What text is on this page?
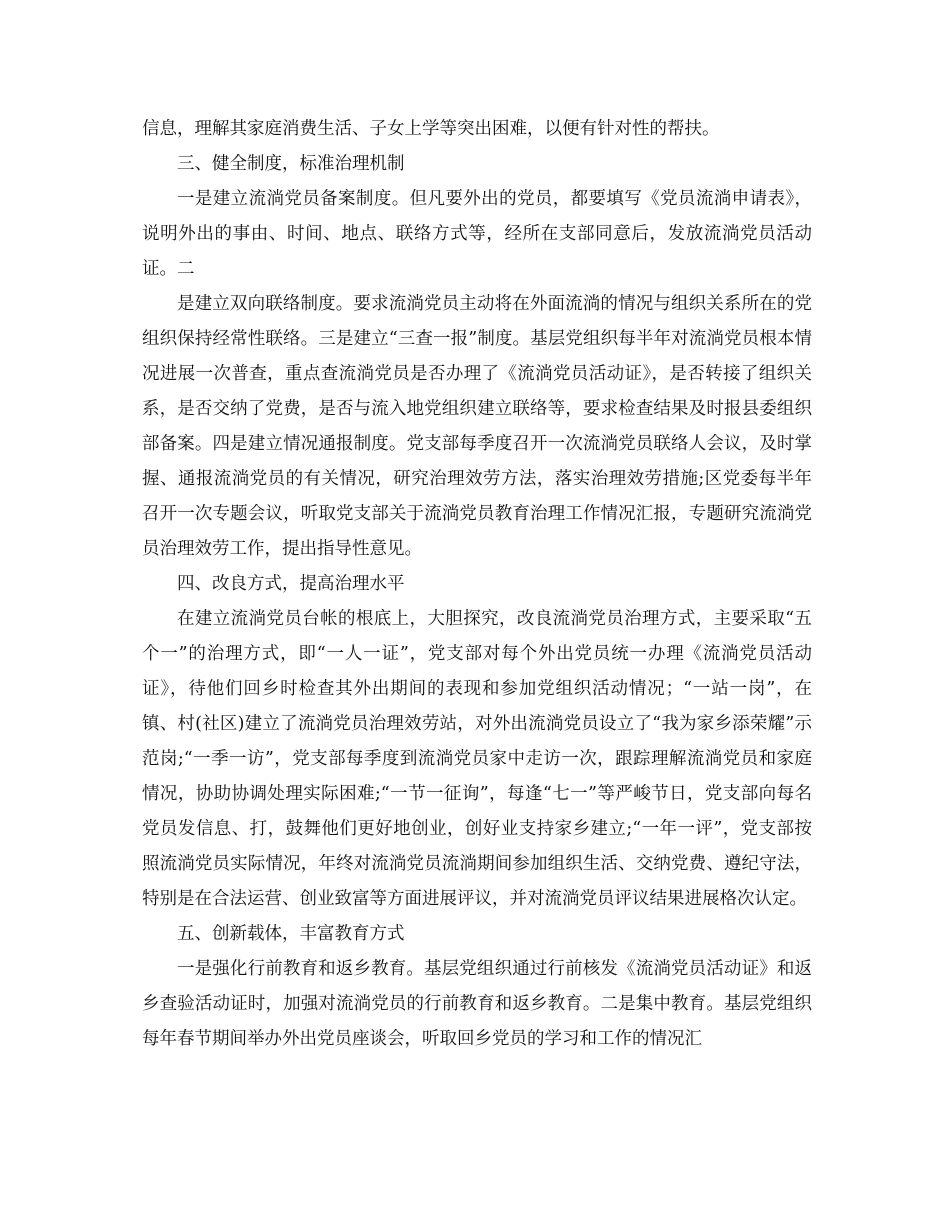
信息，理解其家庭消费生活、子女上学等突出困难，以便有针对性的帮扶。

三、健全制度，标准治理机制

一是建立流淌党员备案制度。但凡要外出的党员，都要填写《党员流淌申请表》，说明外出的事由、时间、地点、联络方式等，经所在支部同意后，发放流淌党员活动证。二

是建立双向联络制度。要求流淌党员主动将在外面流淌的情况与组织关系所在的党组织保持经常性联络。三是建立“三查一报”制度。基层党组织每半年对流淌党员根本情况进展一次普查，重点查流淌党员是否办理了《流淌党员活动证》，是否转接了组织关系，是否交纳了党费，是否与流入地党组织建立联络等，要求检查结果及时报县委组织部备案。四是建立情况通报制度。党支部每季度召开一次流淌党员联络人会议，及时掌握、通报流淌党员的有关情况，研究治理效劳方法，落实治理效劳措施;区党委每半年召开一次专题会议，听取党支部关于流淌党员教育治理工作情况汇报，专题研究流淌党员治理效劳工作，提出指导性意见。

四、改良方式，提高治理水平

在建立流淌党员台帐的根底上，大胆探究，改良流淌党员治理方式，主要采取“五个一”的治理方式，即“一人一证”，党支部对每个外出党员统一办理《流淌党员活动证》，待他们回乡时检查其外出期间的表现和参加党组织活动情况；“一站一岗”，在镇、村(社区)建立了流淌党员治理效劳站，对外出流淌党员设立了“我为家乡添荣耀”示范岗;“一季一访”，党支部每季度到流淌党员家中走访一次，跟踪理解流淌党员和家庭情况，协助协调处理实际困难;“一节一征询”，每逢“七一”等严峻节日，党支部向每名党员发信息、打，鼓舞他们更好地创业，创好业支持家乡建立;“一年一评”，党支部按照流淌党员实际情况，年终对流淌党员流淌期间参加组织生活、交纳党费、遵纪守法，特别是在合法运营、创业致富等方面进展评议，并对流淌党员评议结果进展格次认定。

五、创新载体，丰富教育方式

一是强化行前教育和返乡教育。基层党组织通过行前核发《流淌党员活动证》和返乡查验活动证时，加强对流淌党员的行前教育和返乡教育。二是集中教育。基层党组织每年春节期间举办外出党员座谈会，听取回乡党员的学习和工作的情况汇
